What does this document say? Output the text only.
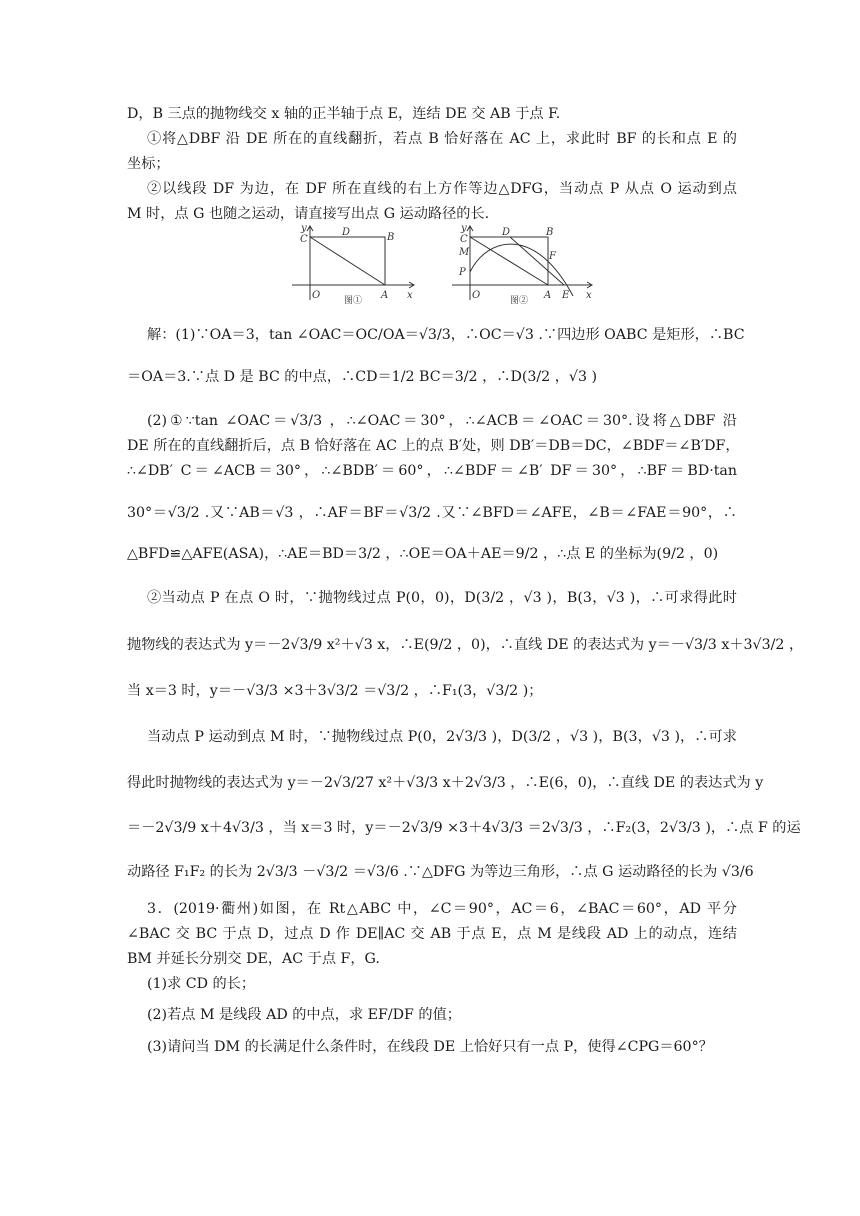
D，B 三点的抛物线交 x 轴的正半轴于点 E，连结 DE 交 AB 于点 F.
①将△DBF 沿 DE 所在的直线翻折，若点 B 恰好落在 AC 上，求此时 BF 的长和点 E 的
坐标；
②以线段 DF 为边，在 DF 所在直线的右上方作等边△DFG，当动点 P 从点 O 运动到点
M 时，点 G 也随之运动，请直接写出点 G 运动路径的长.
y
C
D	B
O	A x
图①
y
C
M
P
D	B
F
O	A E x
图②
解：(1)∵OA＝3，tan ∠OAC＝OC/OA＝√3/3，∴OC＝√3 .∵四边形 OABC 是矩形，∴BC
＝OA＝3.∵点 D 是 BC 的中点，∴CD＝1/2 BC＝3/2 ，∴D(3/2 ，√3 )
(2)①∵tan ∠OAC＝√3/3 ，∴∠OAC＝30°，∴∠ACB＝∠OAC＝30°.设将△DBF 沿
DE 所在的直线翻折后，点 B 恰好落在 AC 上的点 B′处，则 DB′＝DB＝DC，∠BDF＝∠B′DF，
∴∠DB′ C＝∠ACB＝30°，∴∠BDB′＝60°，∴∠BDF＝∠B′ DF＝30°，∴BF＝BD·tan
30°＝√3/2 .又∵AB＝√3 ，∴AF＝BF＝√3/2 .又∵∠BFD＝∠AFE，∠B＝∠FAE＝90°，∴
△BFD≌△AFE(ASA)，∴AE＝BD＝3/2 ，∴OE＝OA＋AE＝9/2 ，∴点 E 的坐标为(9/2 ，0)
②当动点 P 在点 O 时，∵抛物线过点 P(0，0)，D(3/2 ，√3 )，B(3，√3 )，∴可求得此时
抛物线的表达式为 y＝－2√3/9 x²＋√3 x，∴E(9/2 ，0)，∴直线 DE 的表达式为 y＝－√3/3 x＋3√3/2 ，
当 x＝3 时，y＝－√3/3 ×3＋3√3/2 ＝√3/2 ，∴F₁(3，√3/2 )；
当动点 P 运动到点 M 时，∵抛物线过点 P(0，2√3/3 )，D(3/2 ，√3 )，B(3，√3 )，∴可求
得此时抛物线的表达式为 y＝－2√3/27 x²＋√3/3 x＋2√3/3 ，∴E(6，0)，∴直线 DE 的表达式为 y
＝－2√3/9 x＋4√3/3 ，当 x＝3 时，y＝－2√3/9 ×3＋4√3/3 ＝2√3/3 ，∴F₂(3，2√3/3 )，∴点 F 的运
动路径 F₁F₂ 的长为 2√3/3 －√3/2 ＝√3/6 .∵△DFG 为等边三角形，∴点 G 运动路径的长为 √3/6
3．(2019·衢州)如图，在 Rt△ABC 中，∠C＝90°，AC＝6，∠BAC＝60°，AD 平分
∠BAC 交 BC 于点 D，过点 D 作 DE∥AC 交 AB 于点 E，点 M 是线段 AD 上的动点，连结
BM 并延长分别交 DE，AC 于点 F，G.
(1)求 CD 的长；
(2)若点 M 是线段 AD 的中点，求 EF/DF 的值；
(3)请问当 DM 的长满足什么条件时，在线段 DE 上恰好只有一点 P，使得∠CPG＝60°？
